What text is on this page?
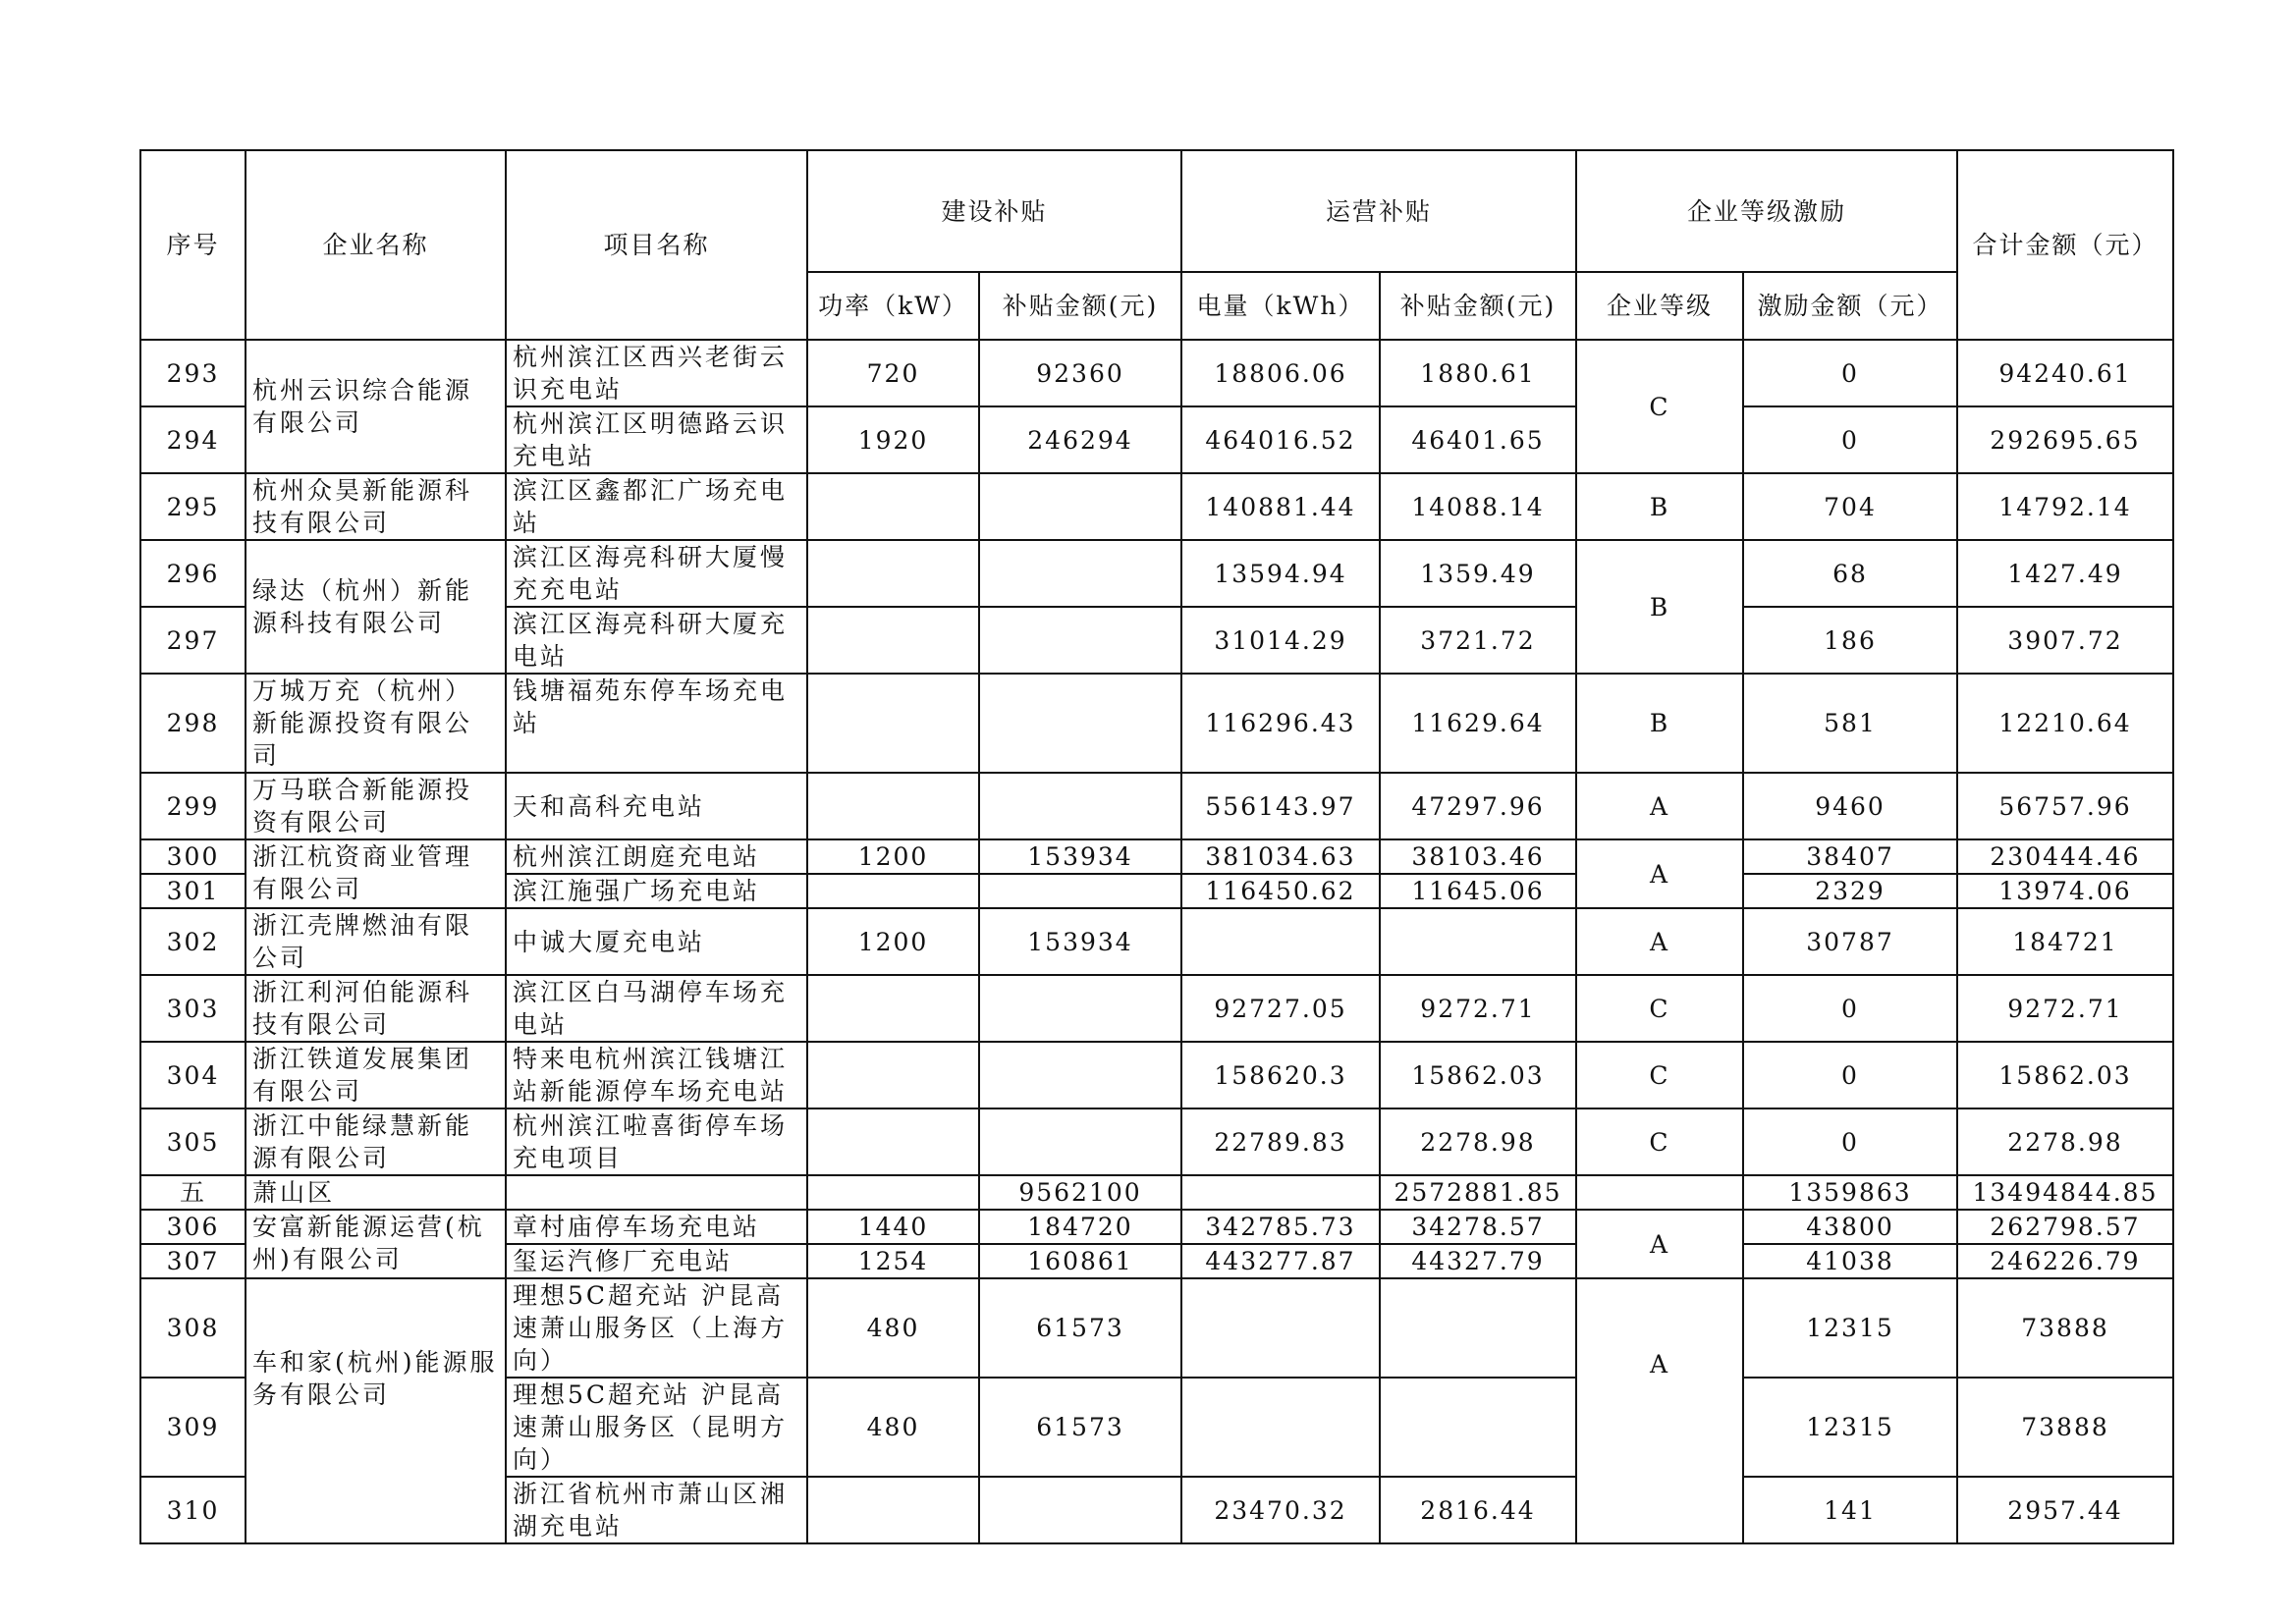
序号	企业名称	项目名称	建设补贴		运营补贴		企业等级激励		合计金额（元）
			功率（kW）	补贴金额(元)	电量（kWh）	补贴金额(元)	企业等级	激励金额（元）	
293	杭州云识综合能源有限公司	杭州滨江区西兴老街云识充电站	720	92360	18806.06	1880.61	C	0	94240.61
294		杭州滨江区明德路云识充电站	1920	246294	464016.52	46401.65		0	292695.65
295	杭州众昊新能源科技有限公司	滨江区鑫都汇广场充电站			140881.44	14088.14	B	704	14792.14
296	绿达（杭州）新能源科技有限公司	滨江区海亮科研大厦慢充充电站			13594.94	1359.49	B	68	1427.49
297		滨江区海亮科研大厦充电站			31014.29	3721.72		186	3907.72
298	万城万充（杭州）新能源投资有限公司	钱塘福苑东停车场充电站			116296.43	11629.64	B	581	12210.64
299	万马联合新能源投资有限公司	天和高科充电站			556143.97	47297.96	A	9460	56757.96
300	浙江杭资商业管理有限公司	杭州滨江朗庭充电站	1200	153934	381034.63	38103.46	A	38407	230444.46
301		滨江施强广场充电站			116450.62	11645.06		2329	13974.06
302	浙江壳牌燃油有限公司	中诚大厦充电站	1200	153934			A	30787	184721
303	浙江利河伯能源科技有限公司	滨江区白马湖停车场充电站			92727.05	9272.71	C	0	9272.71
304	浙江铁道发展集团有限公司	特来电杭州滨江钱塘江站新能源停车场充电站			158620.3	15862.03	C	0	15862.03
305	浙江中能绿慧新能源有限公司	杭州滨江啦喜街停车场充电项目			22789.83	2278.98	C	0	2278.98
五	萧山区			9562100		2572881.85		1359863	13494844.85
306	安富新能源运营(杭州)有限公司	章村庙停车场充电站	1440	184720	342785.73	34278.57	A	43800	262798.57
307		玺运汽修厂充电站	1254	160861	443277.87	44327.79		41038	246226.79
308	车和家(杭州)能源服务有限公司	理想5C超充站 沪昆高速萧山服务区（上海方向）	480	61573			A	12315	73888
309		理想5C超充站 沪昆高速萧山服务区（昆明方向）	480	61573				12315	73888
310		浙江省杭州市萧山区湘湖充电站			23470.32	2816.44		141	2957.44
